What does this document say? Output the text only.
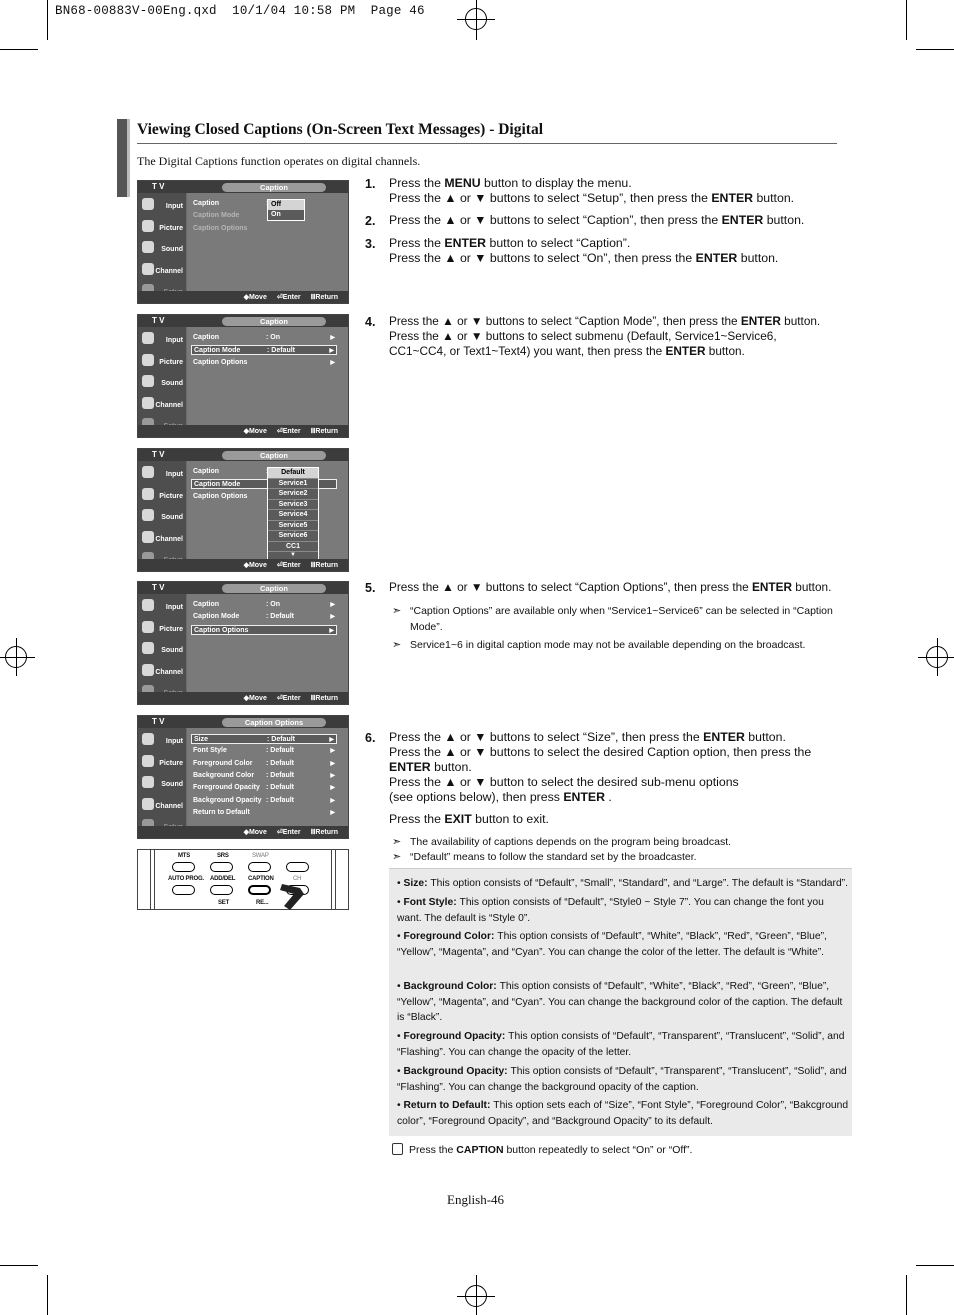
BN68-00883V-00Eng.qxd  10/1/04 10:58 PM  Page 46
Viewing Closed Captions (On-Screen Text Messages) - Digital
The Digital Captions function operates on digital channels.
T V	Caption
Input
Picture
Sound
Channel
Caption
Caption Mode
Caption Options
Off
On
◆Move ⏎Enter ⅢReturn
T V	Caption
Input
Picture
Sound
Channel
Caption	: On	▶
Caption Mode	: Default	▶
Caption Options	▶
◆Move ⏎Enter ⅢReturn
T V	Caption
Input
Picture
Sound
Channel
Caption
Caption Mode
Caption Options
Default
Service1
Service2
Service3
Service4
Service5
Service6
CC1
▼
◆Move ⏎Enter ⅢReturn
T V	Caption
Input
Picture
Sound
Channel
Caption	: On	▶
Caption Mode	: Default	▶
Caption Options	▶
◆Move ⏎Enter ⅢReturn
T V	Caption Options
Input
Picture
Sound
Channel
Size	: Default	▶
Font Style	: Default	▶
Foreground Color : Default	▶
Background Color : Default	▶
Foreground Opacity : Default	▶
Background Opacity : Default	▶
Return to Default	▶
◆Move ⏎Enter ⅢReturn
MTS	SRS	SWAP
AUTO PROG. ADD/DEL CAPTION	CH
SET	RE...
1. Press the MENU button to display the menu.
Press the ▲ or ▼ buttons to select “Setup”, then press the ENTER button.
2. Press the ▲ or ▼ buttons to select “Caption”, then press the ENTER button.
3. Press the ENTER button to select “Caption”.
Press the ▲ or ▼ buttons to select “On”, then press the ENTER button.
4. Press the ▲ or ▼ buttons to select “Caption Mode”, then press the ENTER button.
Press the ▲ or ▼ buttons to select submenu (Default, Service1~Service6,
CC1~CC4, or Text1~Text4) you want, then press the ENTER button.
5. Press the ▲ or ▼ buttons to select “Caption Options”, then press the ENTER button.
➣ “Caption Options” are available only when “Service1~Service6” can be selected in “Caption Mode”.
➣ Service1~6 in digital caption mode may not be available depending on the broadcast.
6. Press the ▲ or ▼ buttons to select “Size”, then press the ENTER button.
Press the ▲ or ▼ buttons to select the desired Caption option, then press the
ENTER button.
Press the ▲ or ▼ button to select the desired sub-menu options
(see options below), then press ENTER .
Press the EXIT button to exit.
➣ The availability of captions depends on the program being broadcast.
➣ “Default” means to follow the standard set by the broadcaster.
• Size: This option consists of “Default”, “Small”, “Standard”, and “Large”. The default is “Standard”.
• Font Style: This option consists of “Default”, “Style0 ~ Style 7”. You can change the font you want. The default is “Style 0”.
• Foreground Color: This option consists of “Default”, “White”, “Black”, “Red”, “Green”, “Blue”, “Yellow”, “Magenta”, and “Cyan”. You can change the color of the letter. The default is “White”.
• Background Color: This option consists of “Default”, “White”, “Black”, “Red”, “Green”, “Blue”, “Yellow”, “Magenta”, and “Cyan”. You can change the background color of the caption. The default is “Black”.
• Foreground Opacity: This option consists of “Default”, “Transparent”, “Translucent”, “Solid”, and “Flashing”. You can change the opacity of the letter.
• Background Opacity: This option consists of “Default”, “Transparent”, “Translucent”, “Solid”, and “Flashing”. You can change the background opacity of the caption.
• Return to Default: This option sets each of “Size”, “Font Style”, “Foreground Color”, “Bakcground color”, “Foreground Opacity”, and “Background Opacity” to its default.
Press the CAPTION button repeatedly to select “On” or “Off”.
English-46
